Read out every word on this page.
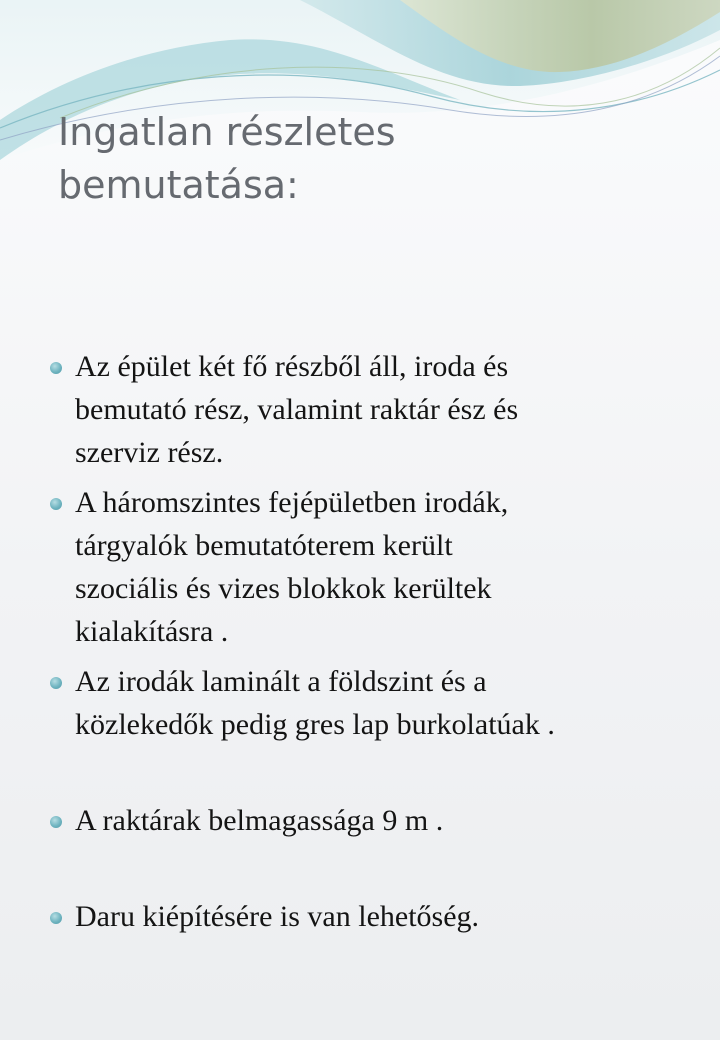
Ingatlan részletes
bemutatása:
Az épület két fő részből áll, iroda és
bemutató rész, valamint raktár ész és
szerviz rész.
A háromszintes fejépületben irodák,
tárgyalók bemutatóterem került
szociális és vizes blokkok kerültek
kialakításra .
Az irodák laminált a földszint és a
közlekedők pedig gres lap burkolatúak .
A raktárak belmagassága 9 m .
Daru kiépítésére is van lehetőség.
